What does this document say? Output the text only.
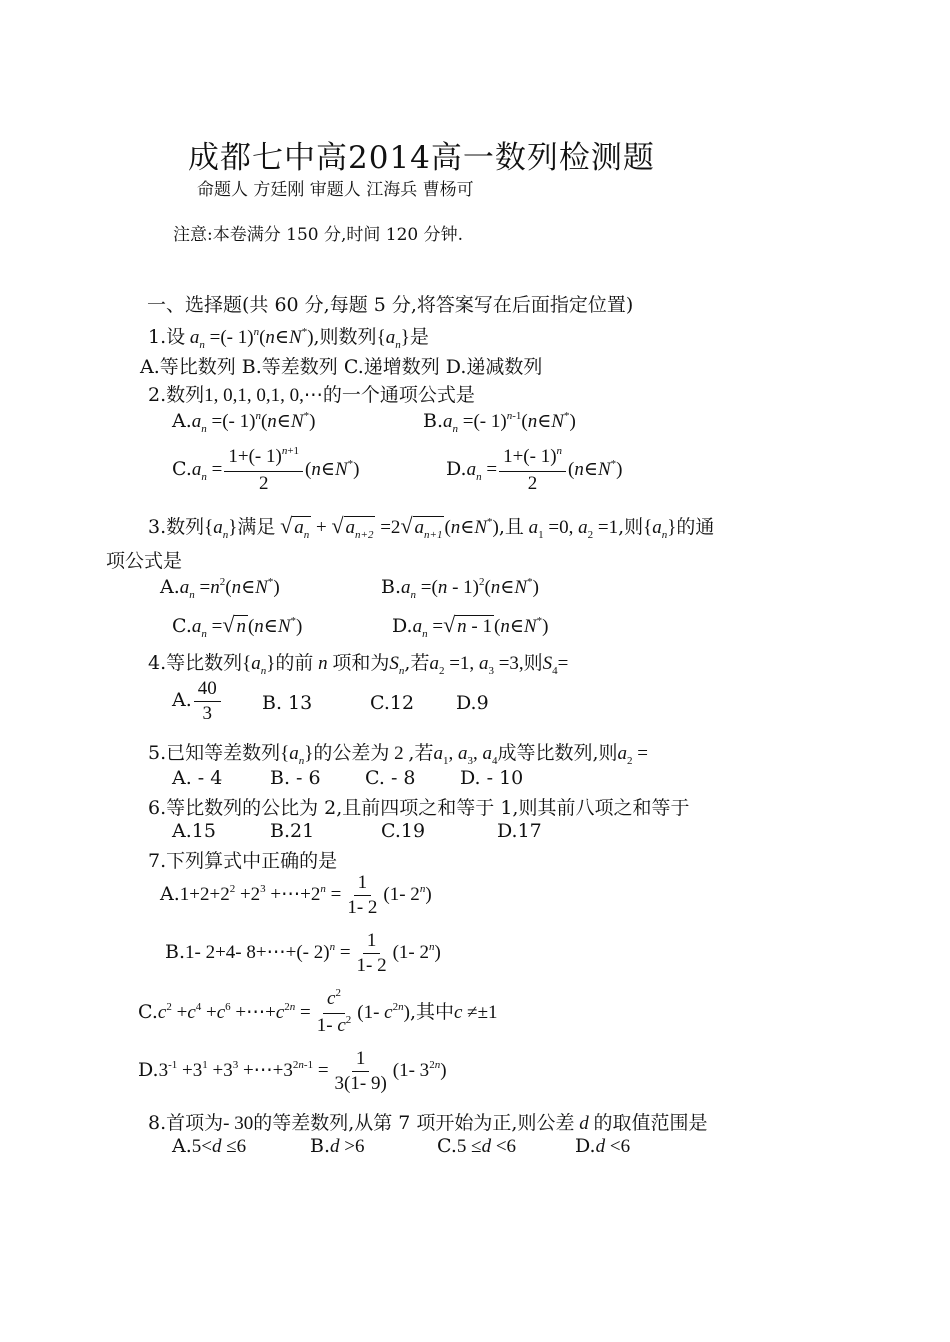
成都七中高2014高一数列检测题
命题人 方廷刚 审题人 江海兵 曹杨可
注意:本卷满分 150 分,时间 120 分钟.
一、选择题(共 60 分,每题 5 分,将答案写在后面指定位置)
1.设 $a_n$ =(- 1)$^n$(n∈N*),则数列$\{a_n\}$是
A.等比数列 B.等差数列 C.递增数列 D.递减数列
2.数列1, 0,1, 0,1, 0,⋯的一个通项公式是
$A.a_n$ =(- 1)$^n$(n∈N*)	$B.a_n$ =(- 1)$^{n-1}$(n∈N*)
$C.a_n = \frac{1+(- 1)^{n+1}}{2}$ (n∈N*)	$D.a_n = \frac{1+(- 1)^n}{2}$ (n∈N*)
3.数列$\{a_n\}$满足 √ $a_n$ + √ $a_{n+2} =2√$ $a_{n+1}$ (n∈N*),且 $a_1 =0$, $a_2 =1$,则$\{a_n\}$的通
项公式是
$A.a_n$ $=n^2(n\in N^*)$	$B.a_n =(n$ - 1)$^2$(n∈N*)
$C.a_n$ =√ n (n∈N*)	$D.a_n$ =√ n - 1 (n∈N*)
4.等比数列$\{a_n\}$的前 n 项和为$S_n$,若$a_2 =1$, $a_3 =3$,则$S_4=$
A. $\frac{40}{3} B$. 13	C.12 D.9
5.已知等差数列$\{a_n\}$的公差为 2 ,若$a_1$, $a_3$, $a_4$成等比数列,则$a_2$ =
A. - 4	B. - 6 C. - 8 D. - 10
6.等比数列的公比为 2,且前四项之和等于 1,则其前八项之和等于
A.15	B.21	C.19	D.17
7.下列算式中正确的是
$A.1+2+2^2 +2^3$ $+\cdots+2^n = \frac{1}{1- 2} (1-$ 2$^n$)
B.1- 2+4- 8+⋯+(- $2)^n = \frac{1}{1- 2} (1-$ 2$^n$)
$C.c^2 +c^4 +c^6$ $+\cdots+c^{2n} = \frac{c^2}{1- c^2} (1-$ $c^{2n}$),其中c ≠±1
$D.3^{-1} +3^1 +3^3$ $+\cdots+3^{2n-1} = \frac{1}{3(1- 9)} (1-$ $3^{2n}$)
8.首项为- 30的等差数列,从第 7 项开始为正,则公差 d 的取值范围是
A.5<d ≤6	B.d >6	C.5 ≤d <6	D.d <6
